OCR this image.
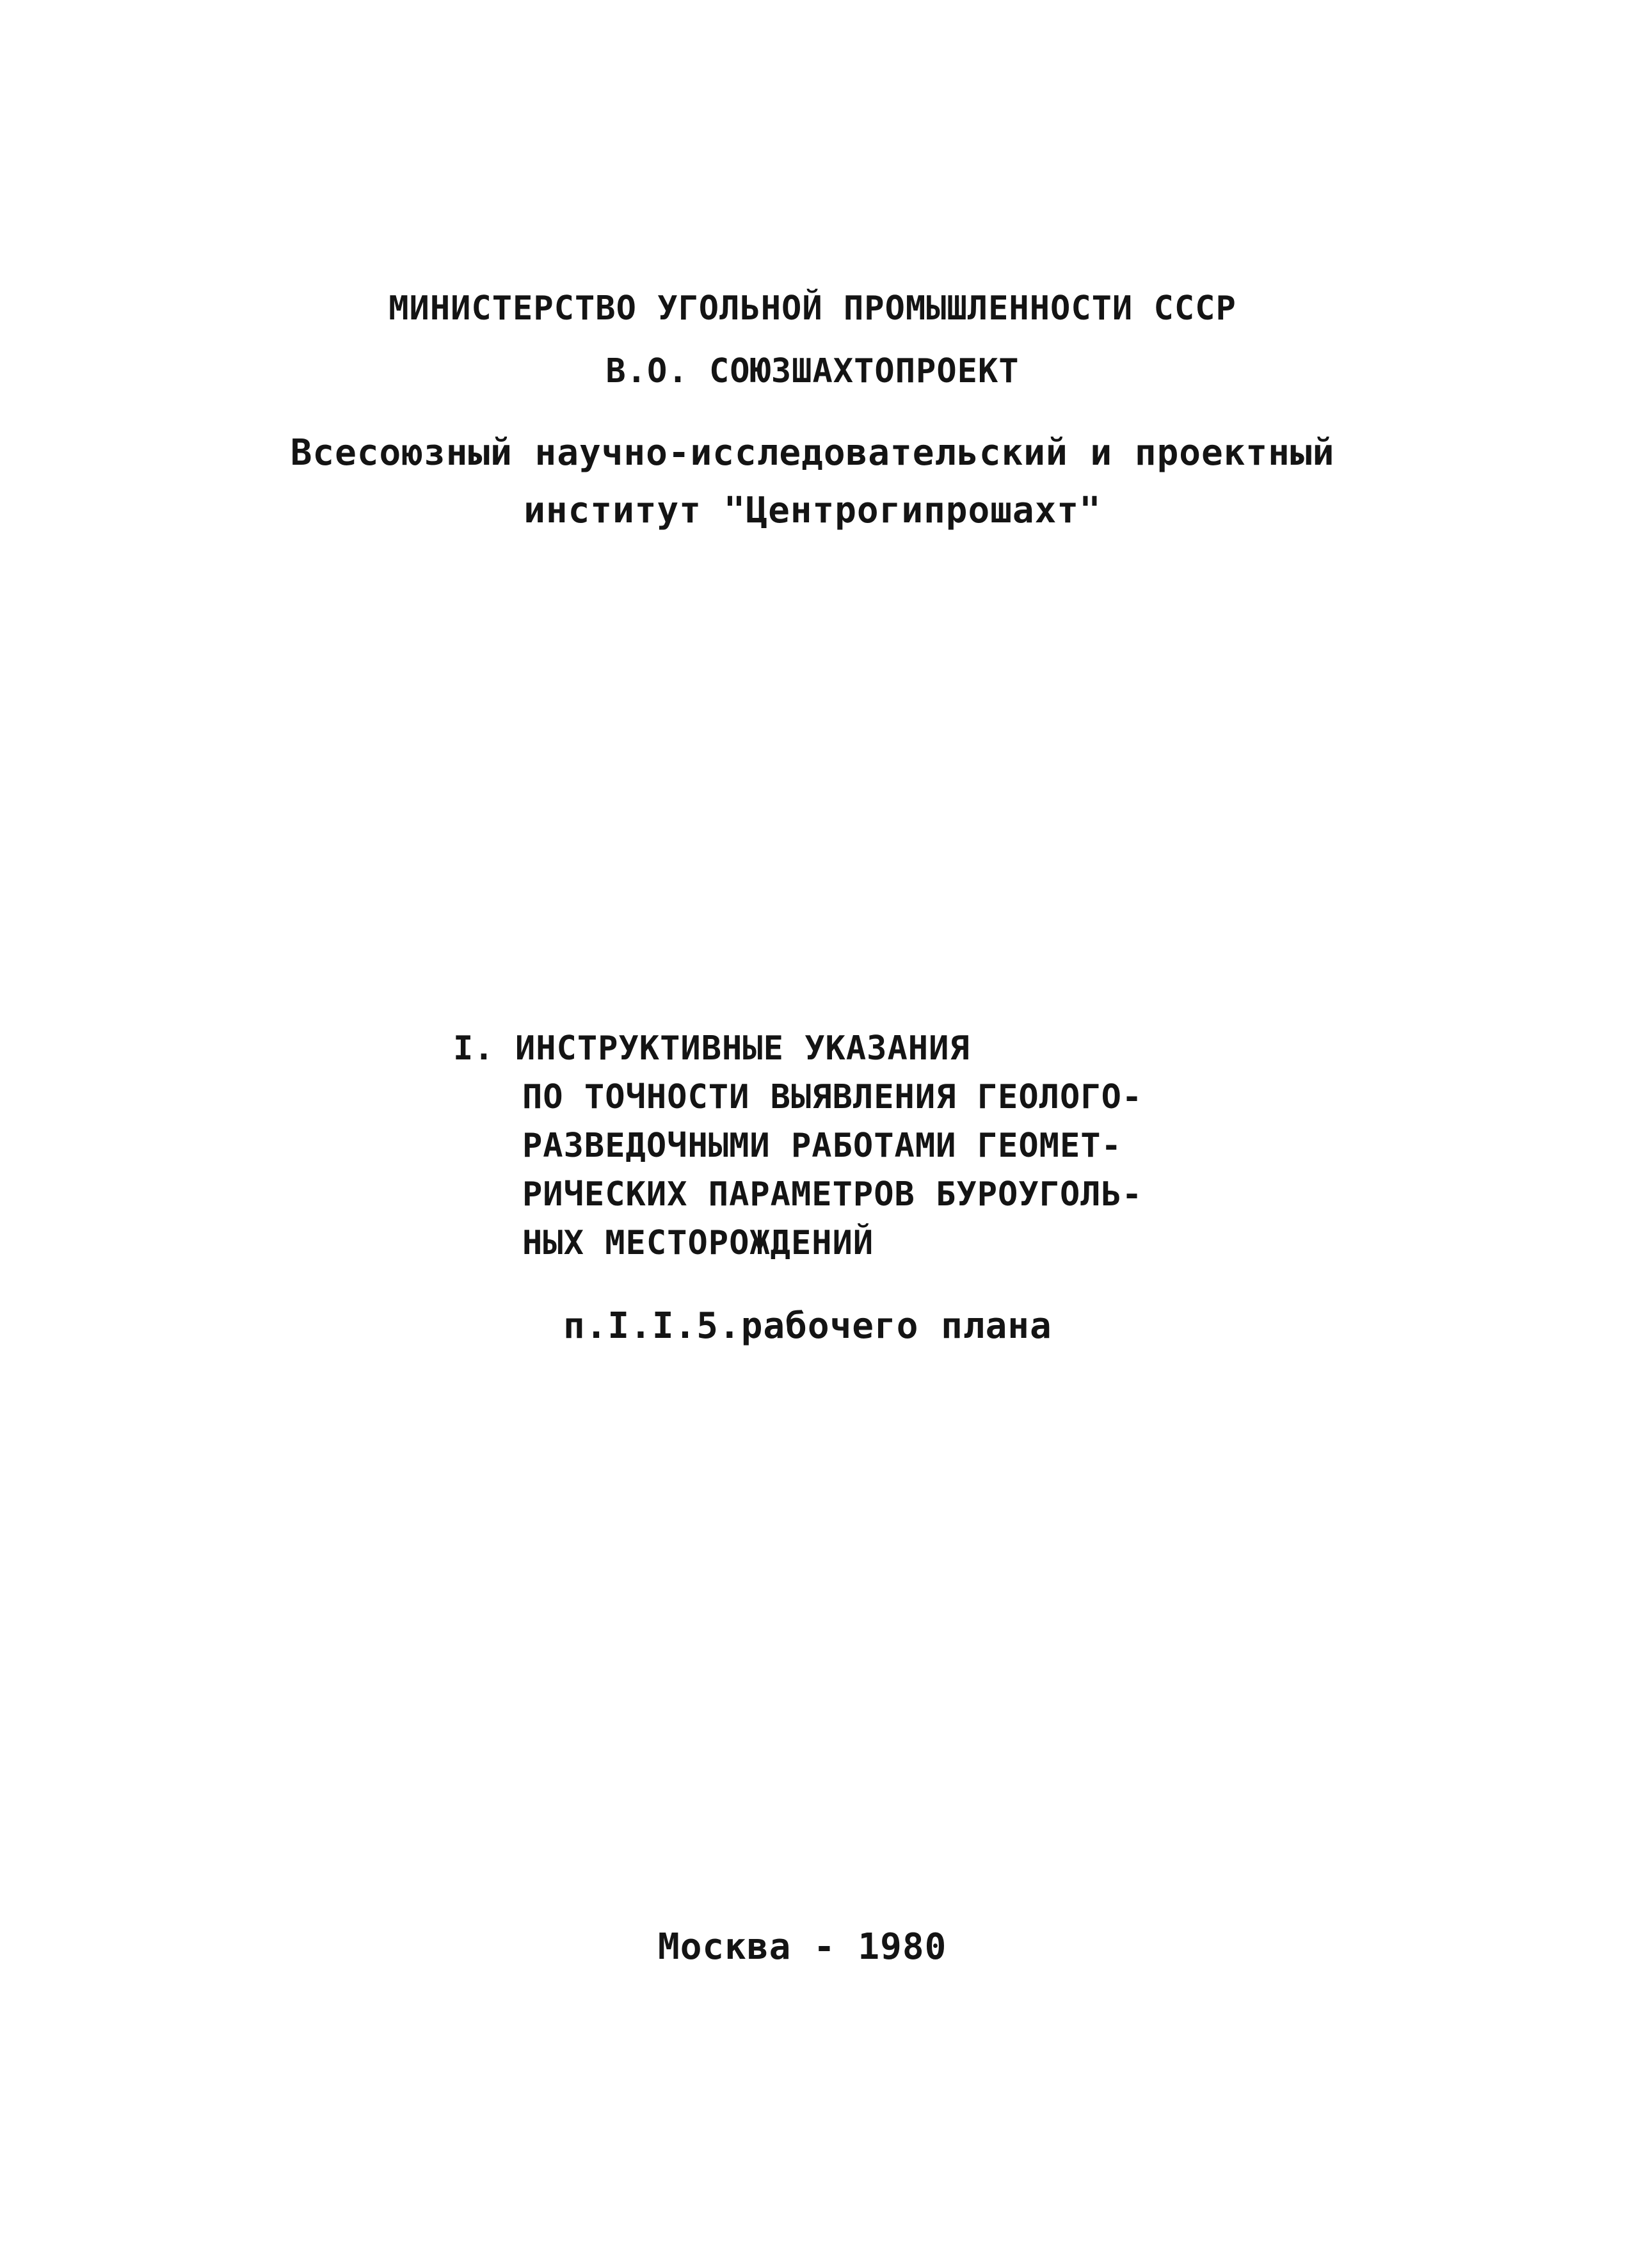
МИНИСТЕРСТВО УГОЛЬНОЙ ПРОМЫШЛЕННОСТИ СССР
В.О. СОЮЗШАХТОПРОЕКТ
Всесоюзный научно-исследовательский и проектный
институт "Центрогипрошахт"
I. ИНСТРУКТИВНЫЕ УКАЗАНИЯ
ПО ТОЧНОСТИ ВЫЯВЛЕНИЯ ГЕОЛОГО-
РАЗВЕДОЧНЫМИ РАБОТАМИ ГЕОМЕТ-
РИЧЕСКИХ ПАРАМЕТРОВ БУРОУГОЛЬ-
НЫХ МЕСТОРОЖДЕНИЙ
п.I.I.5.рабочего плана
Москва - 1980
